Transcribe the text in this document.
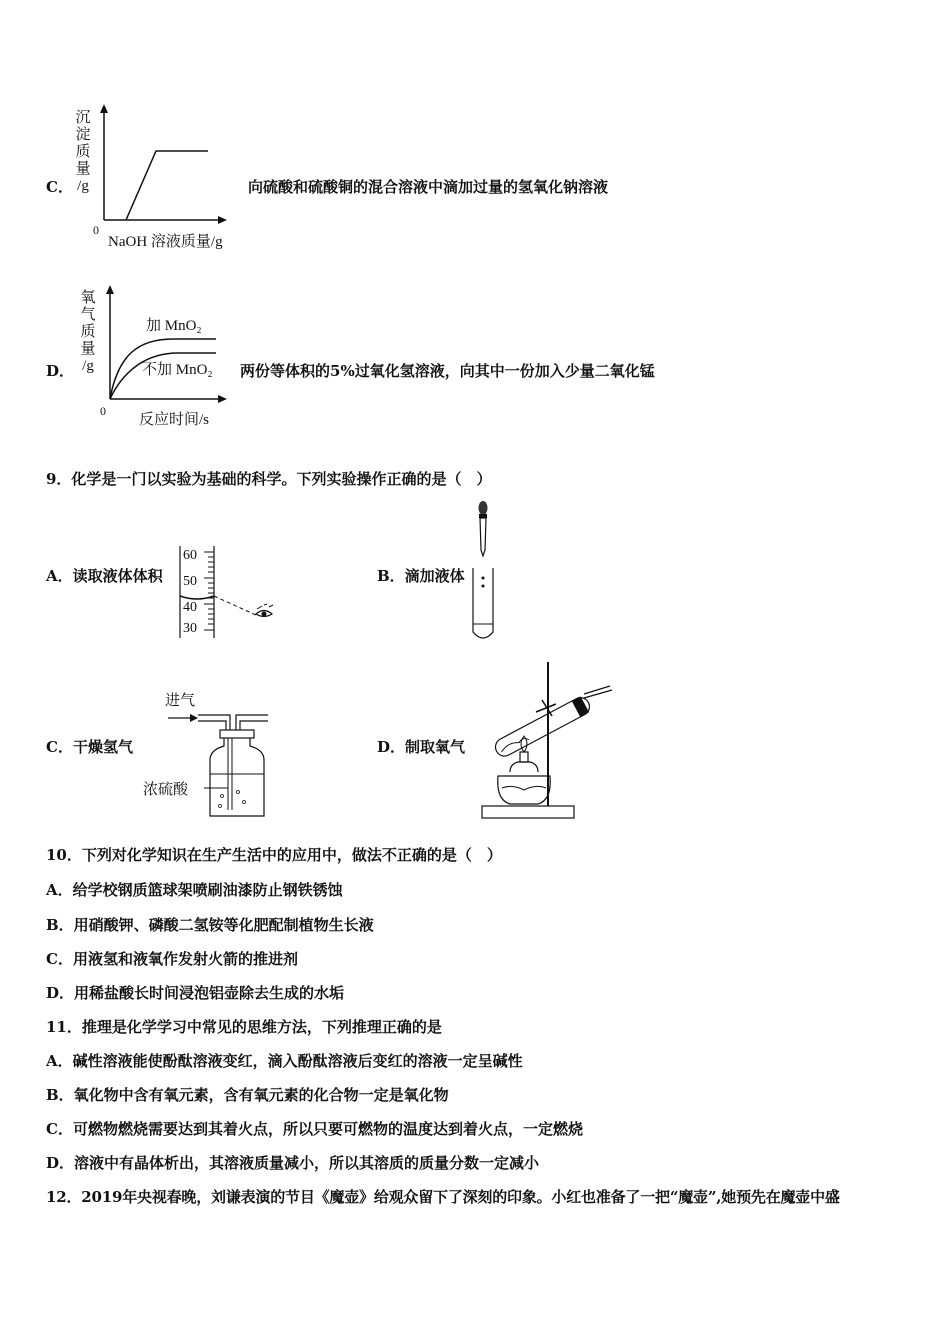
C．
沉
淀
质
量
/g
0
NaOH 溶液质量/g
向硫酸和硫酸铜的混合溶液中滴加过量的氢氧化钠溶液
D．
氧
气
质
量
/g
加 MnO₂
不加 MnO₂
0
反应时间/s
两份等体积的5%过氧化氢溶液，向其中一份加入少量二氧化锰
9．化学是一门以实验为基础的科学。下列实验操作正确的是（　）
A．读取液体体积
60
50
40
30
B．滴加液体
C．干燥氢气
进气
浓硫酸
D．制取氧气
10．下列对化学知识在生产生活中的应用中，做法不正确的是（　）
A．给学校钢质篮球架喷刷油漆防止钢铁锈蚀
B．用硝酸钾、磷酸二氢铵等化肥配制植物生长液
C．用液氢和液氧作发射火箭的推进剂
D．用稀盐酸长时间浸泡铝壶除去生成的水垢
11．推理是化学学习中常见的思维方法，下列推理正确的是
A．碱性溶液能使酚酞溶液变红，滴入酚酞溶液后变红的溶液一定呈碱性
B．氧化物中含有氧元素，含有氧元素的化合物一定是氧化物
C．可燃物燃烧需要达到其着火点，所以只要可燃物的温度达到着火点，一定燃烧
D．溶液中有晶体析出，其溶液质量减小，所以其溶质的质量分数一定减小
12．2019年央视春晚，刘谦表演的节目《魔壶》给观众留下了深刻的印象。小红也准备了一把“魔壶”,她预先在魔壶中盛
